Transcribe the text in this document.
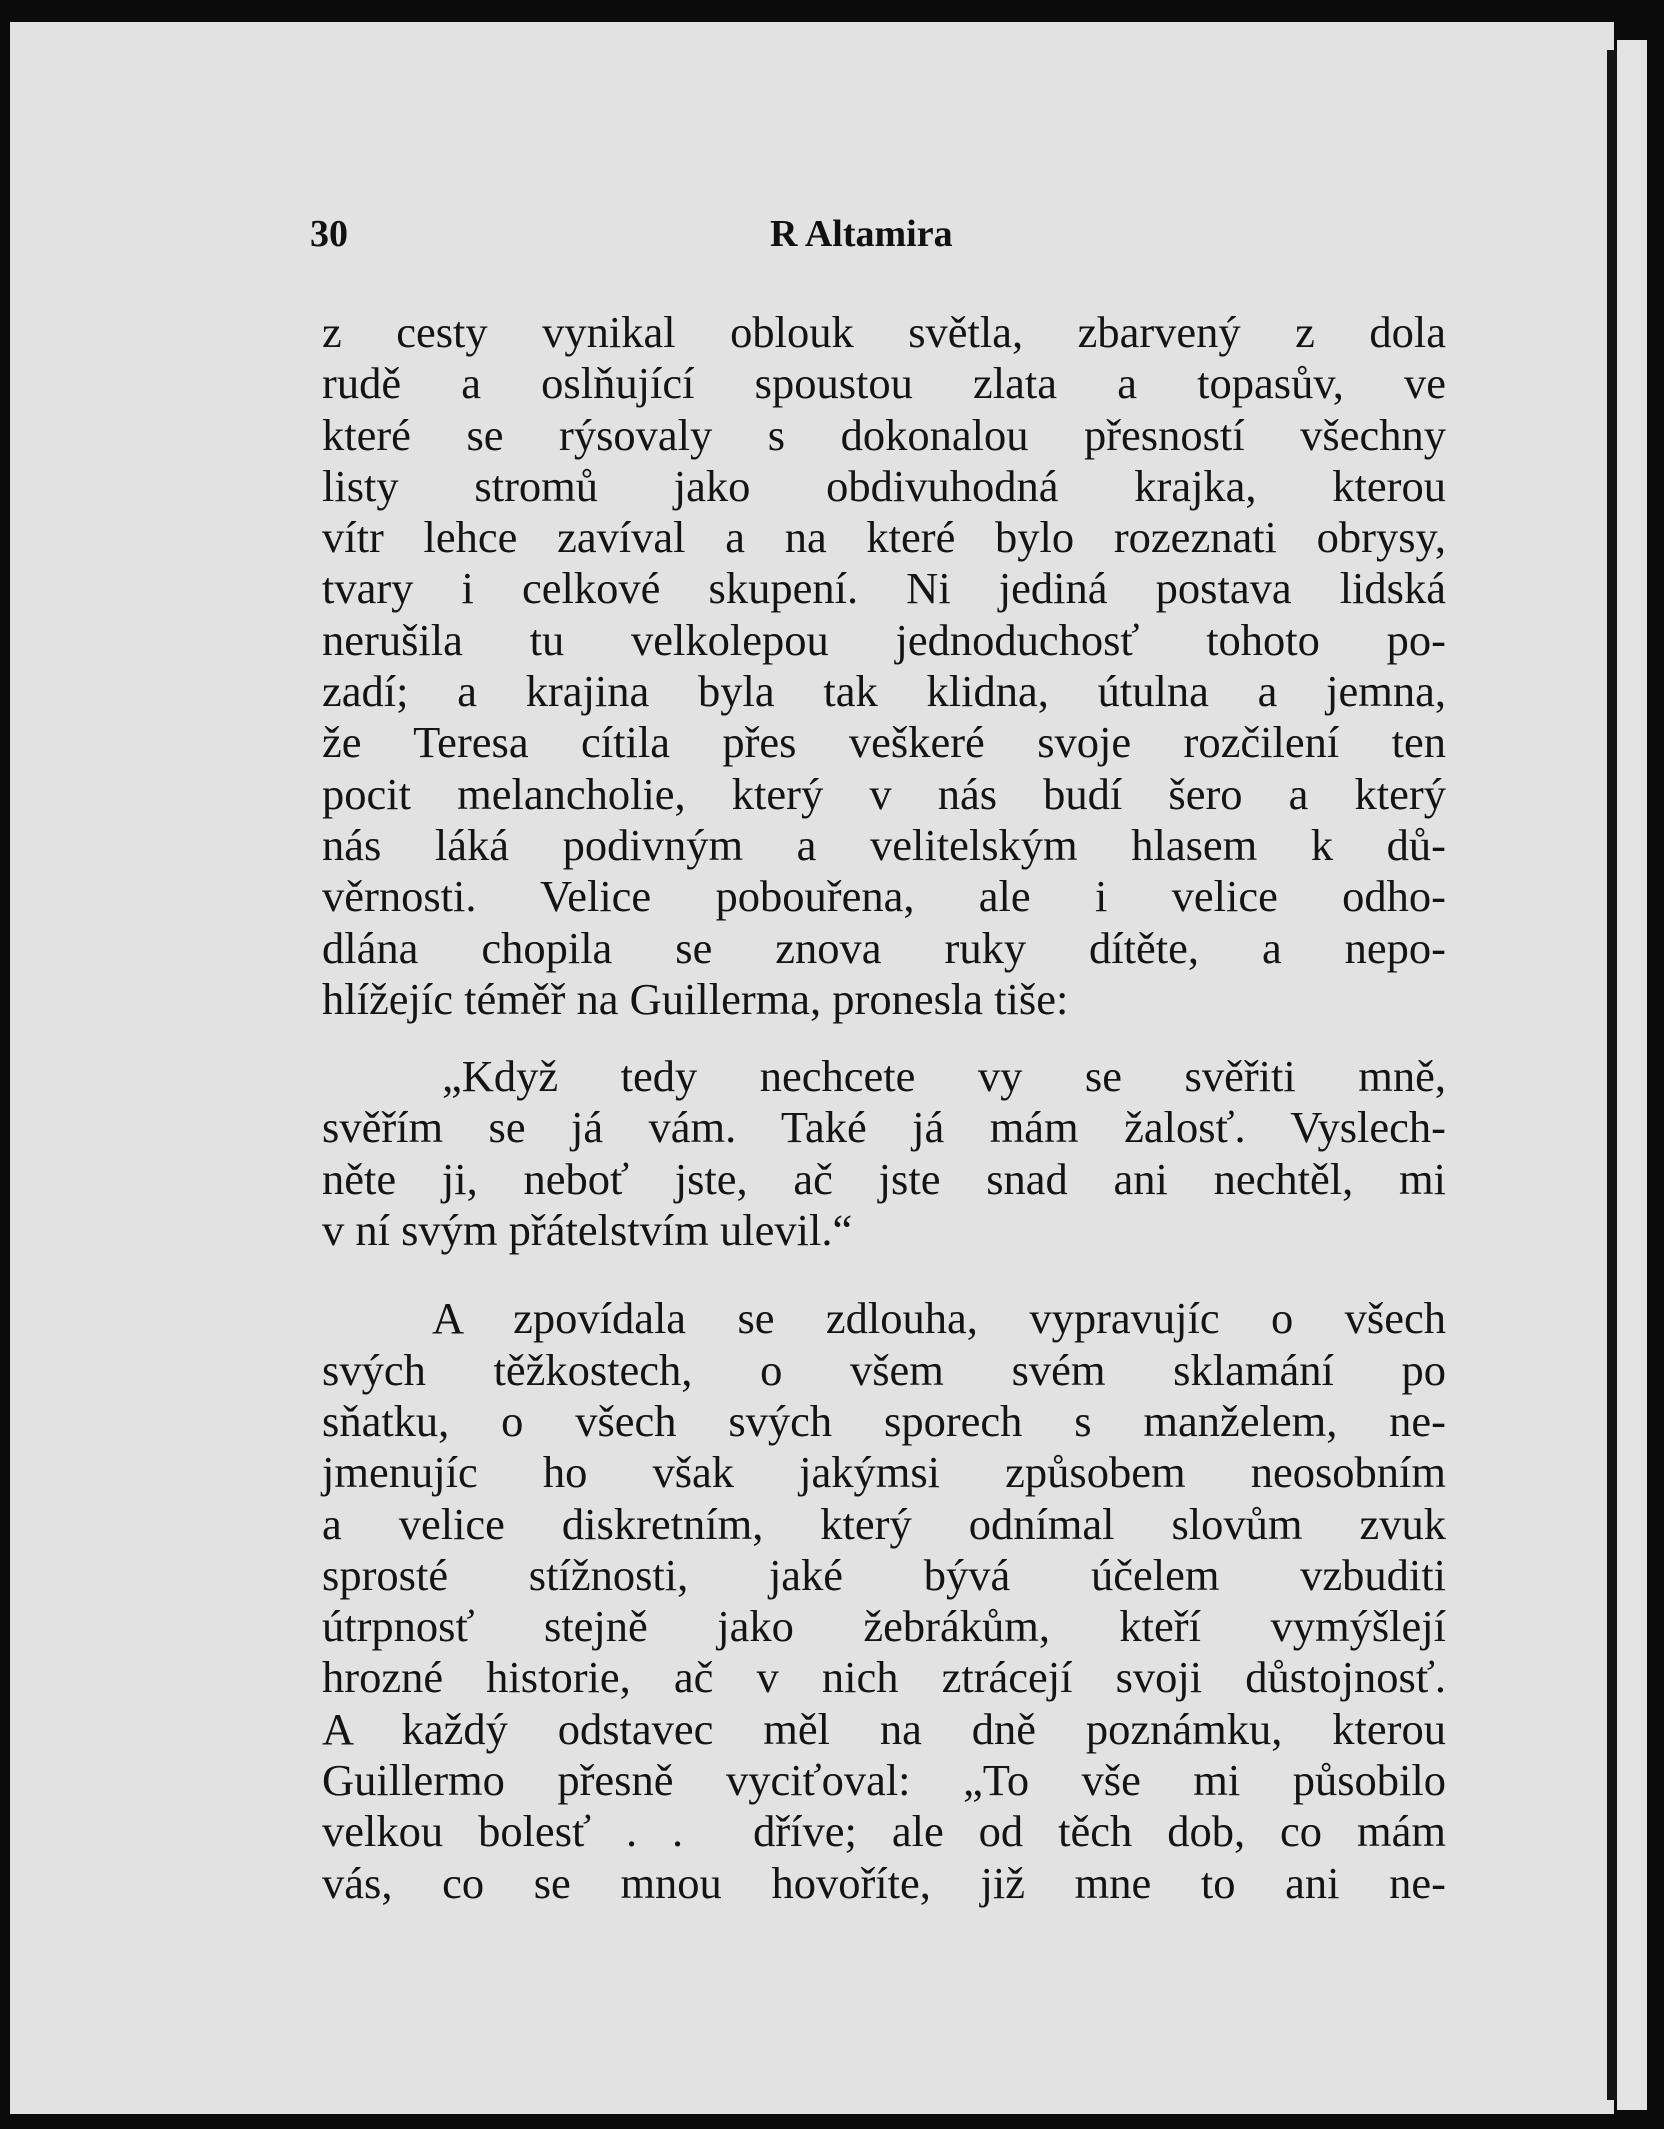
30	R Altamira
z cesty vynikal oblouk světla, zbarvený z dola
rudě a oslňující spoustou zlata a topasův, ve
které se rýsovaly s dokonalou přesností všechny
listy stromů jako obdivuhodná krajka, kterou
vítr lehce zavíval a na které bylo rozeznati obrysy,
tvary i celkové skupení. Ni jediná postava lidská
nerušila tu velkolepou jednoduchosť tohoto po-
zadí; a krajina byla tak klidna, útulna a jemna,
že Teresa cítila přes veškeré svoje rozčilení ten
pocit melancholie, který v nás budí šero a který
nás láká podivným a velitelským hlasem k dů-
věrnosti. Velice pobouřena, ale i velice odho-
dlána chopila se znova ruky dítěte, a nepo-
hlížejíc téměř na Guillerma, pronesla tiše:
„Když tedy nechcete vy se svěřiti mně,
svěřím se já vám. Také já mám žalosť. Vyslech-
něte ji, neboť jste, ač jste snad ani nechtěl, mi
v ní svým přátelstvím ulevil.“
A zpovídala se zdlouha, vypravujíc o všech
svých těžkostech, o všem svém sklamání po
sňatku, o všech svých sporech s manželem, ne-
jmenujíc ho však jakýmsi způsobem neosobním
a velice diskretním, který odnímal slovům zvuk
sprosté stížnosti, jaké bývá účelem vzbuditi
útrpnosť stejně jako žebrákům, kteří vymýšlejí
hrozné historie, ač v nich ztrácejí svoji důstojnosť.
A každý odstavec měl na dně poznámku, kterou
Guillermo přesně vyciťoval: „To vše mi působilo
velkou bolesť . .  dříve; ale od těch dob, co mám
vás, co se mnou hovoříte, již mne to ani ne-
